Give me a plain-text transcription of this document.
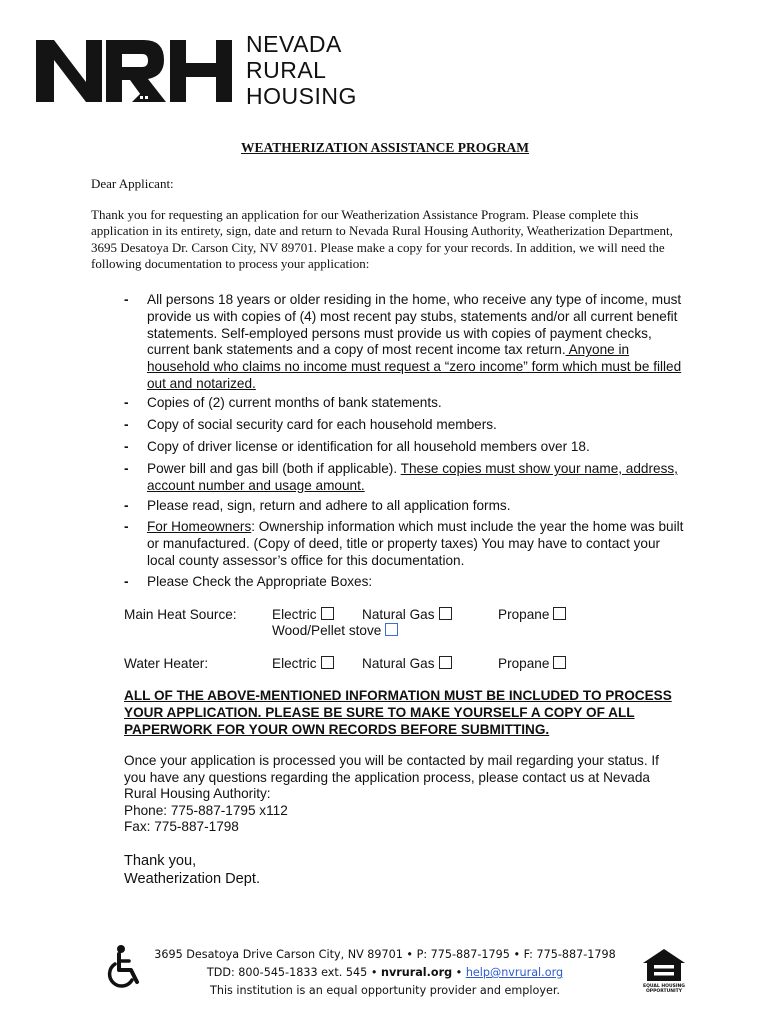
NEVADA
RURAL
HOUSING
WEATHERIZATION ASSISTANCE PROGRAM
Dear Applicant:
Thank you for requesting an application for our Weatherization Assistance Program. Please complete this application in its entirety, sign, date and return to Nevada Rural Housing Authority, Weatherization Department, 3695 Desatoya Dr. Carson City, NV 89701. Please make a copy for your records. In addition, we will need the following documentation to process your application:
- All persons 18 years or older residing in the home, who receive any type of income, must provide us with copies of (4) most recent pay stubs, statements and/or all current benefit statements. Self-employed persons must provide us with copies of payment checks, current bank statements and a copy of most recent income tax return. Anyone in household who claims no income must request a “zero income” form which must be filled out and notarized.
- Copies of (2) current months of bank statements.
- Copy of social security card for each household members.
- Copy of driver license or identification for all household members over 18.
- Power bill and gas bill (both if applicable). These copies must show your name, address, account number and usage amount.
- Please read, sign, return and adhere to all application forms.
- For Homeowners: Ownership information which must include the year the home was built or manufactured. (Copy of deed, title or property taxes) You may have to contact your local county assessor’s office for this documentation.
- Please Check the Appropriate Boxes:
Main Heat Source:	Electric	Natural Gas	Propane
Wood/Pellet stove
Water Heater:	Electric	Natural Gas	Propane
ALL OF THE ABOVE-MENTIONED INFORMATION MUST BE INCLUDED TO PROCESS YOUR APPLICATION. PLEASE BE SURE TO MAKE YOURSELF A COPY OF ALL PAPERWORK FOR YOUR OWN RECORDS BEFORE SUBMITTING.
Once your application is processed you will be contacted by mail regarding your status. If you have any questions regarding the application process, please contact us at Nevada Rural Housing Authority:
Phone: 775-887-1795 x112
Fax: 775-887-1798
Thank you,
Weatherization Dept.
3695 Desatoya Drive Carson City, NV 89701 • P: 775-887-1795 • F: 775-887-1798
TDD: 800-545-1833 ext. 545 • nvrural.org • help@nvrural.org
This institution is an equal opportunity provider and employer.	EQUAL HOUSING
OPPORTUNITY
